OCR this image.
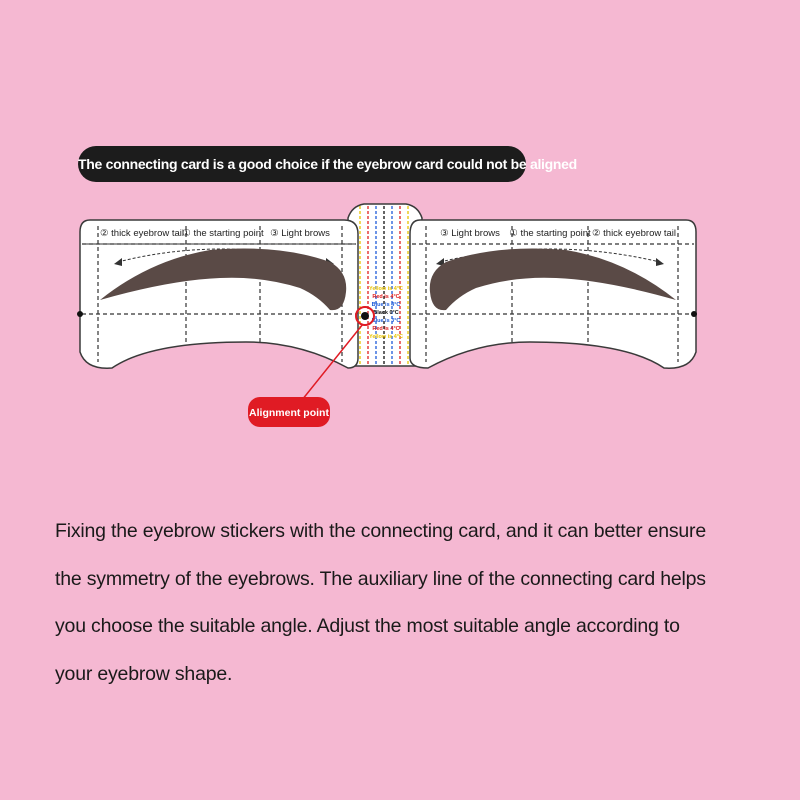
The connecting card is a good choice if the eyebrow card could not be aligned
Yellow is 4°C
Red is 4°C
Blue is 4°C
Black 0°C
Blue is 3°C
Red is 4°C
Yellow is 4°C
② thick eyebrow tail
① the starting point ③ Light brows	③ Light brows ① the starting point ② thick eyebrow tail
Alignment point

Fixing the eyebrow stickers with the connecting card, and it can better ensure

the symmetry of the eyebrows. The auxiliary line of the connecting card helps

you choose the suitable angle. Adjust the most suitable angle according to

your eyebrow shape.
